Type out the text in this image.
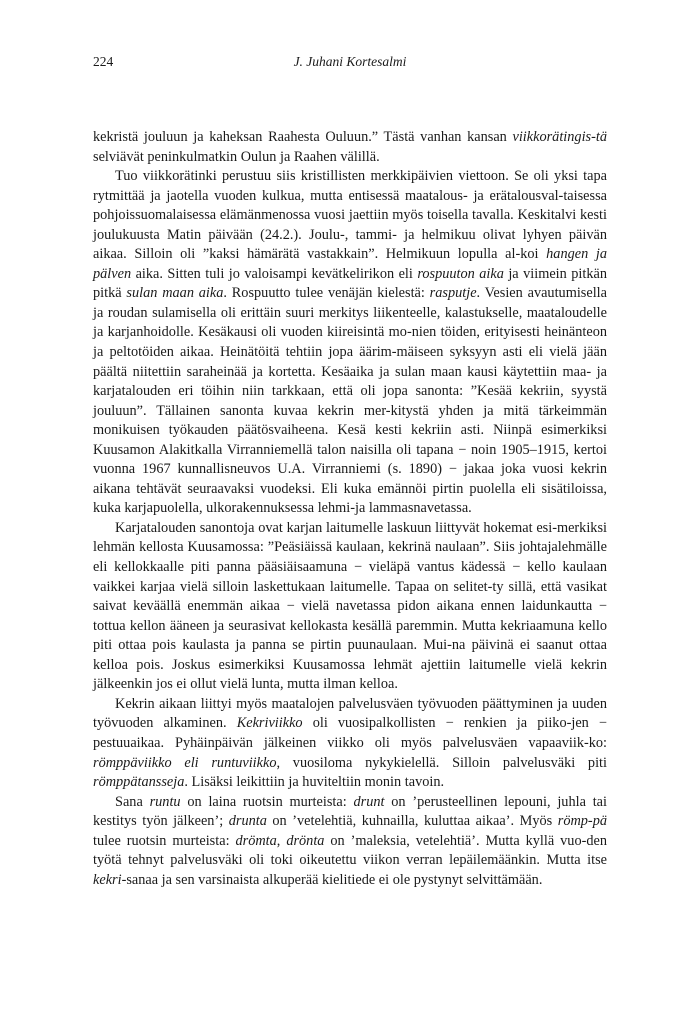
224	J. Juhani Kortesalmi

kekristä jouluun ja kaheksan Raahesta Ouluun.” Tästä vanhan kansan viikkorätingis-tä selviävät peninkulmatkin Oulun ja Raahen välillä.

Tuo viikkorätinki perustuu siis kristillisten merkkipäivien viettoon. Se oli yksi tapa rytmittää ja jaotella vuoden kulkua, mutta entisessä maatalous- ja erätalousval-taisessa pohjoissuomalaisessa elämänmenossa vuosi jaettiin myös toisella tavalla. Keskitalvi kesti joulukuusta Matin päivään (24.2.). Joulu-, tammi- ja helmikuu olivat lyhyen päivän aikaa. Silloin oli ”kaksi hämärätä vastakkain”. Helmikuun lopulla al-koi hangen ja pälven aika. Sitten tuli jo valoisampi kevätkelirikon eli rospuuton aika ja viimein pitkän pitkä sulan maan aika. Rospuutto tulee venäjän kielestä: rasputje. Vesien avautumisella ja roudan sulamisella oli erittäin suuri merkitys liikenteelle, kalastukselle, maataloudelle ja karjanhoidolle. Kesäkausi oli vuoden kiireisintä mo-nien töiden, erityisesti heinänteon ja peltotöiden aikaa. Heinätöitä tehtiin jopa äärim-mäiseen syksyyn asti eli vielä jään päältä niitettiin saraheinää ja kortetta. Kesäaika ja sulan maan kausi käytettiin maa- ja karjatalouden eri töihin niin tarkkaan, että oli jopa sanonta: ”Kesää kekriin, syystä jouluun”. Tällainen sanonta kuvaa kekrin mer-kitystä yhden ja mitä tärkeimmän monikuisen työkauden päätösvaiheena. Kesä kesti kekriin asti. Niinpä esimerkiksi Kuusamon Alakitkalla Virranniemellä talon naisilla oli tapana − noin 1905–1915, kertoi vuonna 1967 kunnallisneuvos U.A. Virranniemi (s. 1890) − jakaa joka vuosi kekrin aikana tehtävät seuraavaksi vuodeksi. Eli kuka emännöi pirtin puolella eli sisätiloissa, kuka karjapuolella, ulkorakennuksessa lehmi-ja lammasnavetassa.

Karjatalouden sanontoja ovat karjan laitumelle laskuun liittyvät hokemat esi-merkiksi lehmän kellosta Kuusamossa: ”Peäsiäissä kaulaan, kekrinä naulaan”. Siis johtajalehmälle eli kellokkaalle piti panna pääsiäisaamuna − vieläpä vantus kädessä − kello kaulaan vaikkei karjaa vielä silloin laskettukaan laitumelle. Tapaa on selitet-ty sillä, että vasikat saivat keväällä enemmän aikaa − vielä navetassa pidon aikana ennen laidunkautta − tottua kellon ääneen ja seurasivat kellokasta kesällä paremmin. Mutta kekriaamuna kello piti ottaa pois kaulasta ja panna se pirtin puunaulaan. Mui-na päivinä ei saanut ottaa kelloa pois. Joskus esimerkiksi Kuusamossa lehmät ajettiin laitumelle vielä kekrin jälkeenkin jos ei ollut vielä lunta, mutta ilman kelloa.

Kekrin aikaan liittyi myös maatalojen palvelusväen työvuoden päättyminen ja uuden työvuoden alkaminen. Kekriviikko oli vuosipalkollisten − renkien ja piiko-jen − pestuuaikaa. Pyhäinpäivän jälkeinen viikko oli myös palvelusväen vapaaviik-ko: römppäviikko eli runtuviikko, vuosiloma nykykielellä. Silloin palvelusväki piti römppätansseja. Lisäksi leikittiin ja huviteltiin monin tavoin.

Sana runtu on laina ruotsin murteista: drunt on ’perusteellinen lepouni, juhla tai kestitys työn jälkeen’; drunta on ’vetelehtiä, kuhnailla, kuluttaa aikaa’. Myös römp-pä tulee ruotsin murteista: drömta, drönta on ’maleksia, vetelehtiä’. Mutta kyllä vuo-den työtä tehnyt palvelusväki oli toki oikeutettu viikon verran lepäilemäänkin. Mutta itse kekri-sanaa ja sen varsinaista alkuperää kielitiede ei ole pystynyt selvittämään.
